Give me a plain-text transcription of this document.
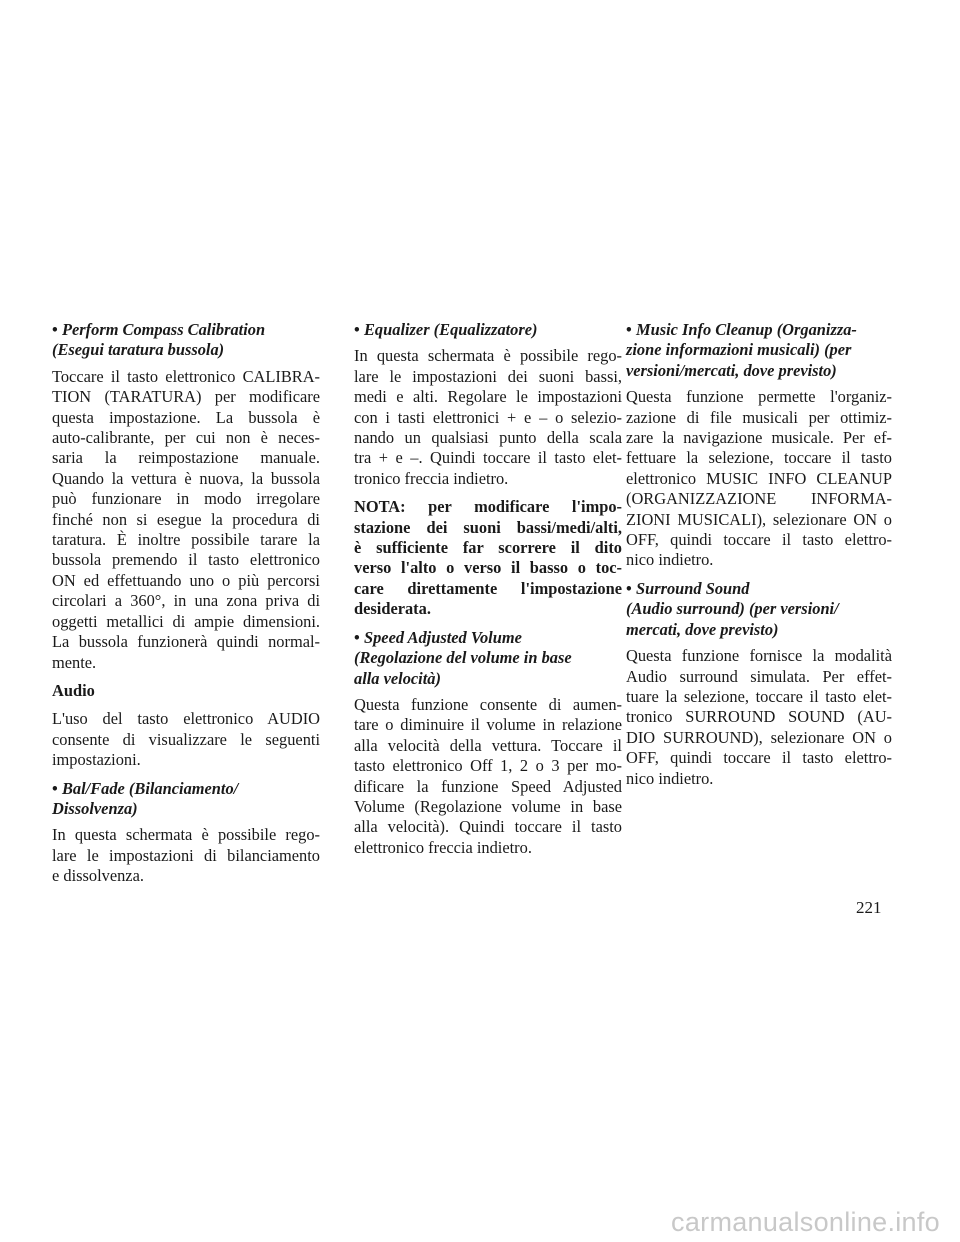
• Perform Compass Calibration
(Esegui taratura bussola)

Toccare il tasto elettronico CALIBRA-
TION (TARATURA) per modificare
questa impostazione. La bussola è
auto-calibrante, per cui non è neces-
saria la reimpostazione manuale.
Quando la vettura è nuova, la bussola
può funzionare in modo irregolare
finché non si esegue la procedura di
taratura. È inoltre possibile tarare la
bussola premendo il tasto elettronico
ON ed effettuando uno o più percorsi
circolari a 360°, in una zona priva di
oggetti metallici di ampie dimensioni.
La bussola funzionerà quindi normal-
mente.

Audio

L'uso del tasto elettronico AUDIO
consente di visualizzare le seguenti
impostazioni.

• Bal/Fade (Bilanciamento/
Dissolvenza)

In questa schermata è possibile rego-
lare le impostazioni di bilanciamento
e dissolvenza.

• Equalizer (Equalizzatore)

In questa schermata è possibile rego-
lare le impostazioni dei suoni bassi,
medi e alti. Regolare le impostazioni
con i tasti elettronici + e – o selezio-
nando un qualsiasi punto della scala
tra + e –. Quindi toccare il tasto elet-
tronico freccia indietro.

NOTA: per modificare l'impo-
stazione dei suoni bassi/medi/alti,
è sufficiente far scorrere il dito
verso l'alto o verso il basso o toc-
care direttamente l'impostazione
desiderata.

• Speed Adjusted Volume
(Regolazione del volume in base
alla velocità)

Questa funzione consente di aumen-
tare o diminuire il volume in relazione
alla velocità della vettura. Toccare il
tasto elettronico Off 1, 2 o 3 per mo-
dificare la funzione Speed Adjusted
Volume (Regolazione volume in base
alla velocità). Quindi toccare il tasto
elettronico freccia indietro.

• Music Info Cleanup (Organizza-
zione informazioni musicali) (per
versioni/mercati, dove previsto)

Questa funzione permette l'organiz-
zazione di file musicali per ottimiz-
zare la navigazione musicale. Per ef-
fettuare la selezione, toccare il tasto
elettronico MUSIC INFO CLEANUP
(ORGANIZZAZIONE INFORMA-
ZIONI MUSICALI), selezionare ON o
OFF, quindi toccare il tasto elettro-
nico indietro.

• Surround Sound
(Audio surround) (per versioni/
mercati, dove previsto)

Questa funzione fornisce la modalità
Audio surround simulata. Per effet-
tuare la selezione, toccare il tasto elet-
tronico SURROUND SOUND (AU-
DIO SURROUND), selezionare ON o
OFF, quindi toccare il tasto elettro-
nico indietro.

221
carmanualsonline.info
